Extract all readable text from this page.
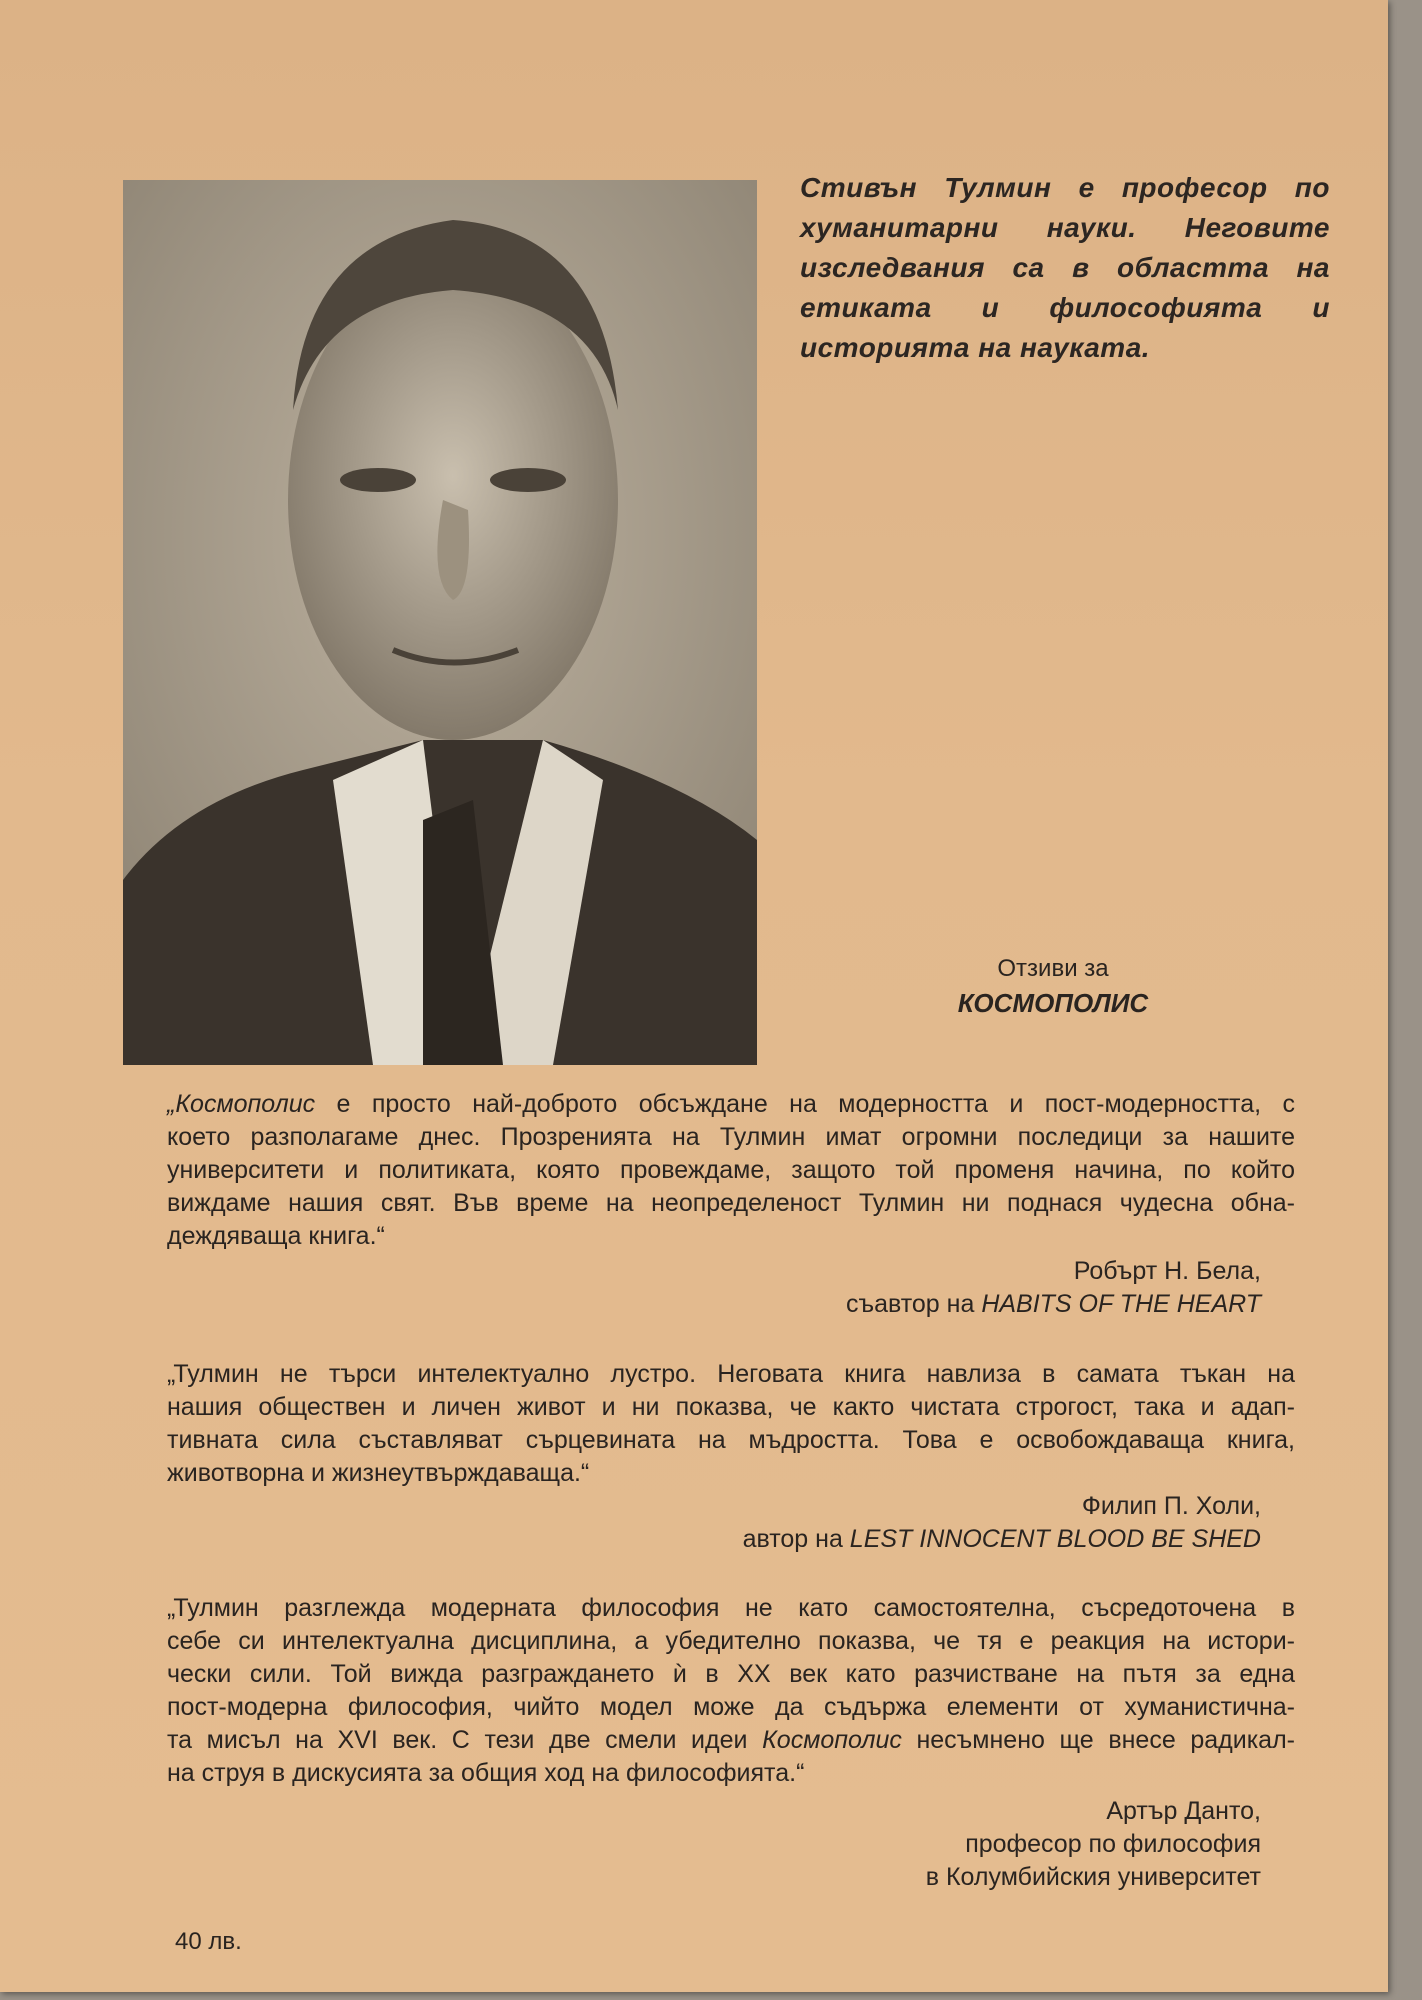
Стивън Тулмин е професор по
хуманитарни науки. Неговите
изследвания са в областта на
етиката и философията и
историята на науката.
Отзиви за
КОСМОПОЛИС
„Космополис е просто най-доброто обсъждане на модерността и пост-модерността, с
което разполагаме днес. Прозренията на Тулмин имат огромни последици за нашите
университети и политиката, която провеждаме, защото той променя начина, по който
виждаме нашия свят. Във време на неопределеност Тулмин ни поднася чудесна обна-
деждяваща книга.“
Робърт Н. Бела,
съавтор на HABITS OF THE HEART
„Тулмин не търси интелектуално лустро. Неговата книга навлиза в самата тъкан на
нашия обществен и личен живот и ни показва, че както чистата строгост, така и адап-
тивната сила съставляват сърцевината на мъдростта. Това е освобождаваща книга,
животворна и жизнеутвърждаваща.“
Филип П. Холи,
автор на LEST INNOCENT BLOOD BE SHED
„Тулмин разглежда модерната философия не като самостоятелна, съсредоточена в
себе си интелектуална дисциплина, а убедително показва, че тя е реакция на истори-
чески сили. Той вижда разграждането ѝ в XX век като разчистване на пътя за една
пост-модерна философия, чийто модел може да съдържа елементи от хуманистична-
та мисъл на XVI век. С тези две смели идеи Космополис несъмнено ще внесе радикал-
на струя в дискусията за общия ход на философията.“
Артър Данто,
професор по философия
в Колумбийския университет
40 лв.
